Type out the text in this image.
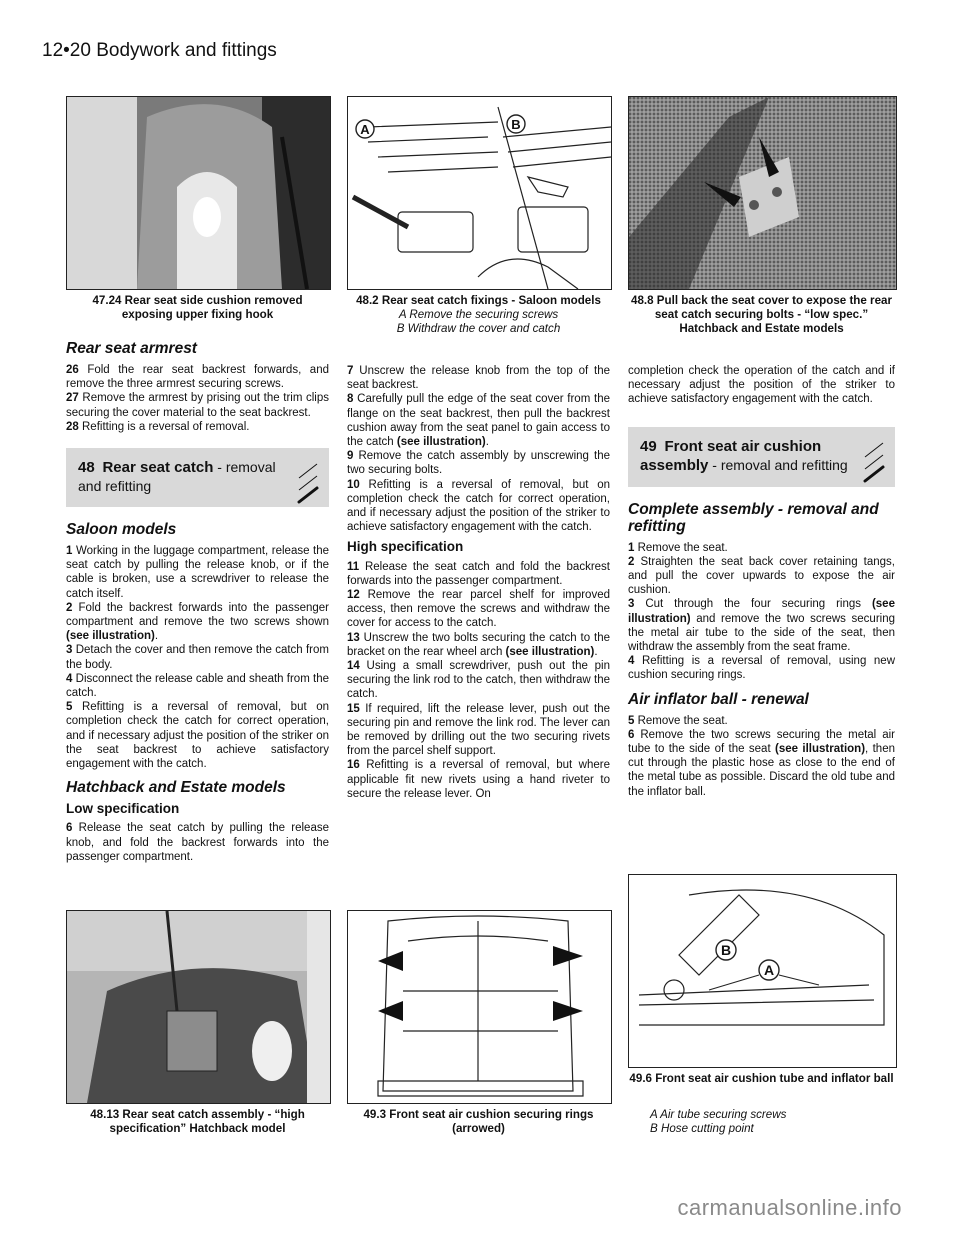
12•20 Bodywork and fittings
47.24 Rear seat side cushion removed exposing upper fixing hook
A	B
48.2 Rear seat catch fixings - Saloon models
A Remove the securing screws
B Withdraw the cover and catch
48.8 Pull back the seat cover to expose the rear seat catch securing bolts - “low spec.” Hatchback and Estate models
Rear seat armrest

26 Fold the rear seat backrest forwards, and remove the three armrest securing screws.

27 Remove the armrest by prising out the trim clips securing the cover material to the seat backrest.

28 Refitting is a reversal of removal.

48 Rear seat catch - removal and refitting
Saloon models

1 Working in the luggage compartment, release the seat catch by pulling the release knob, or if the cable is broken, use a screwdriver to release the catch itself.

2 Fold the backrest forwards into the passenger compartment and remove the two screws shown (see illustration).

3 Detach the cover and then remove the catch from the body.

4 Disconnect the release cable and sheath from the catch.

5 Refitting is a reversal of removal, but on completion check the catch for correct operation, and if necessary adjust the position of the striker on the seat backrest to achieve satisfactory engagement with the catch.

Hatchback and Estate models
Low specification

6 Release the seat catch by pulling the release knob, and fold the backrest forwards into the passenger compartment.

7 Unscrew the release knob from the top of the seat backrest.

8 Carefully pull the edge of the seat cover from the flange on the seat backrest, then pull the backrest cushion away from the seat panel to gain access to the catch (see illustration).

9 Remove the catch assembly by unscrewing the two securing bolts.

10 Refitting is a reversal of removal, but on completion check the catch for correct operation, and if necessary adjust the position of the striker to achieve satisfactory engagement with the catch.

High specification

11 Release the seat catch and fold the backrest forwards into the passenger compartment.

12 Remove the rear parcel shelf for improved access, then remove the screws and withdraw the cover for access to the catch.

13 Unscrew the two bolts securing the catch to the bracket on the rear wheel arch (see illustration).

14 Using a small screwdriver, push out the pin securing the link rod to the catch, then withdraw the catch.

15 If required, lift the release lever, push out the securing pin and remove the link rod. The lever can be removed by drilling out the two securing rivets from the parcel shelf support.

16 Refitting is a reversal of removal, but where applicable fit new rivets using a hand riveter to secure the release lever. On

completion check the operation of the catch and if necessary adjust the position of the striker to achieve satisfactory engagement with the catch.

49 Front seat air cushion assembly - removal and refitting
Complete assembly - removal and refitting

1 Remove the seat.

2 Straighten the seat back cover retaining tangs, and pull the cover upwards to expose the air cushion.

3 Cut through the four securing rings (see illustration) and remove the two screws securing the metal air tube to the side of the seat, then withdraw the assembly from the seat frame.

4 Refitting is a reversal of removal, using new cushion securing rings.

Air inflator ball - renewal

5 Remove the seat.

6 Remove the two screws securing the metal air tube to the side of the seat (see illustration), then cut through the plastic hose as close to the end of the metal tube as possible. Discard the old tube and the inflator ball.

48.13 Rear seat catch assembly - “high specification” Hatchback model
49.3 Front seat air cushion securing rings (arrowed)
B
A
49.6 Front seat air cushion tube and inflator ball
A Air tube securing screws
B Hose cutting point
carmanualsonline.info
